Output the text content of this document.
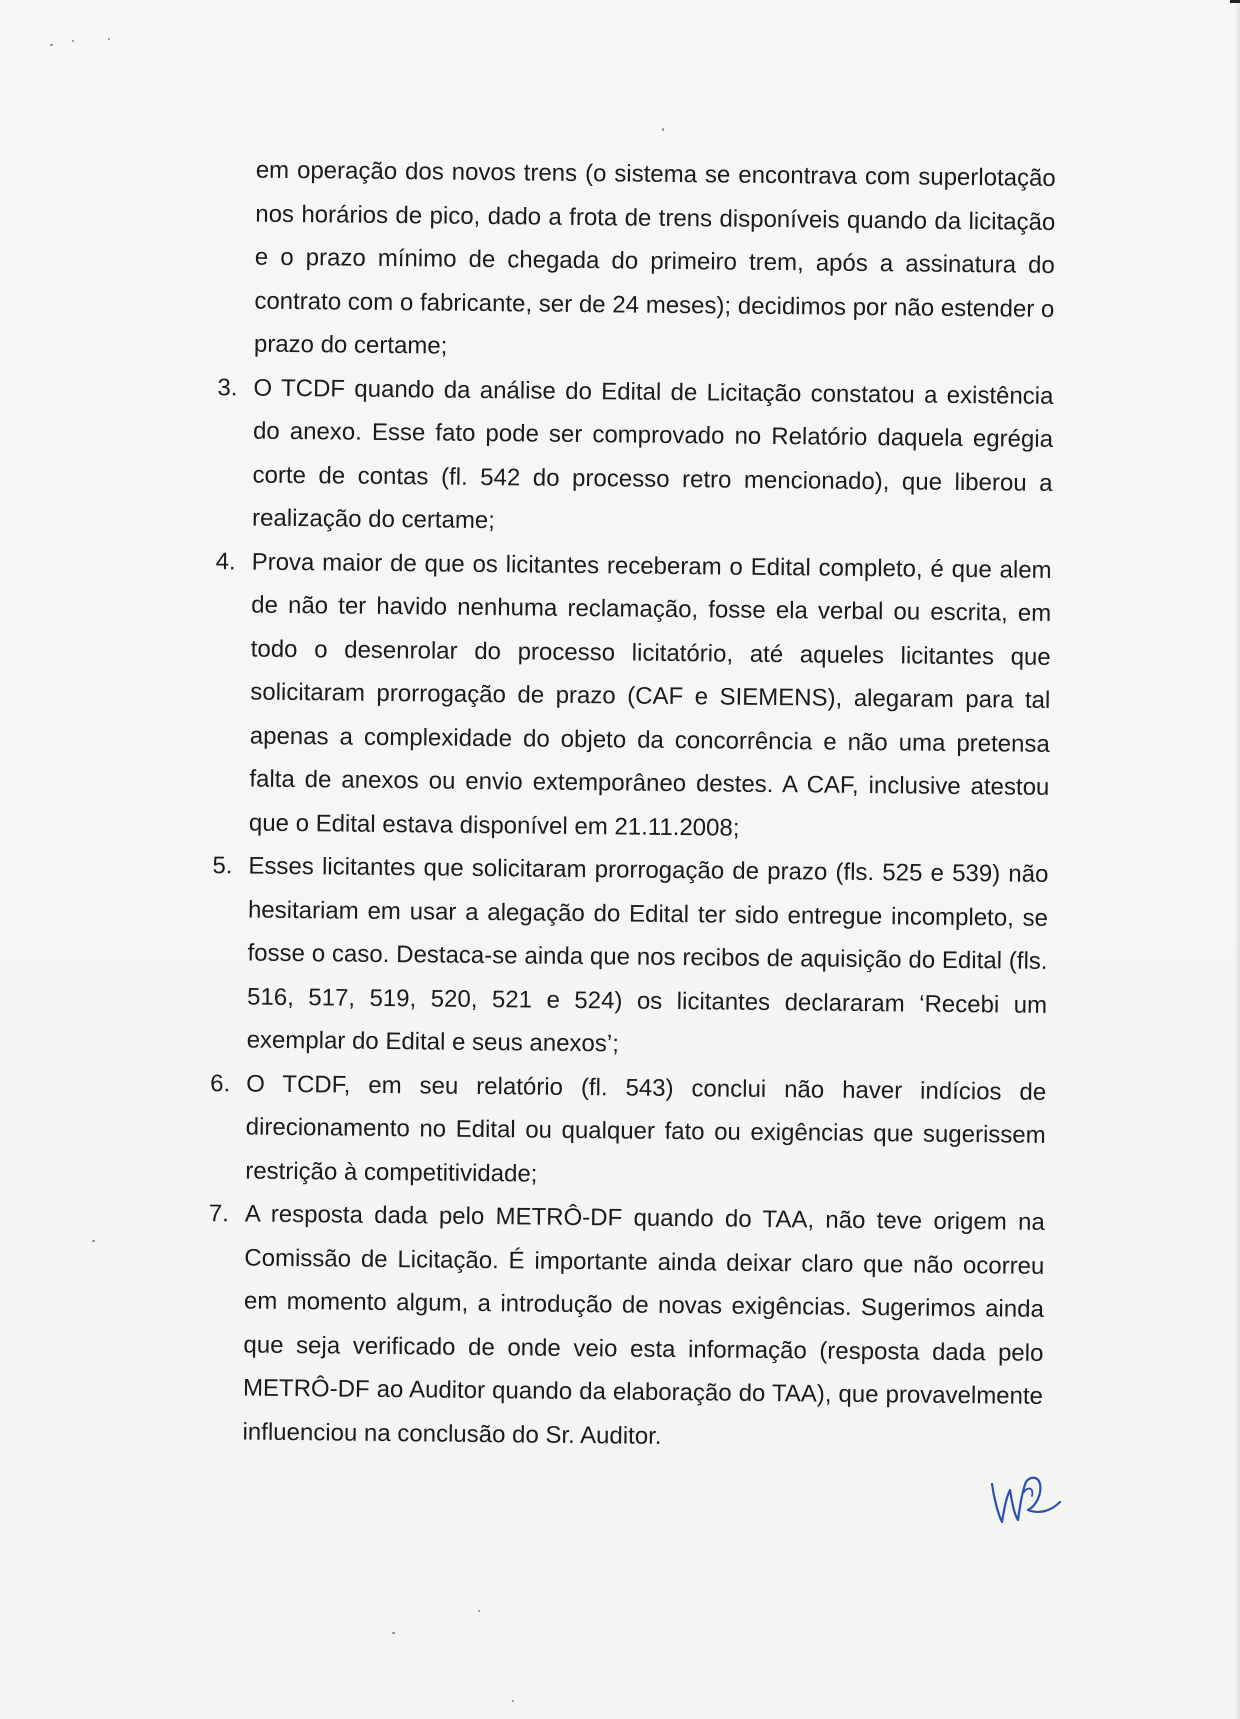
em operação dos novos trens (o sistema se encontrava com superlotação nos horários de pico, dado a frota de trens disponíveis quando da licitação e o prazo mínimo de chegada do primeiro trem, após a assinatura do contrato com o fabricante, ser de 24 meses); decidimos por não estender o prazo do certame;

3. O TCDF quando da análise do Edital de Licitação constatou a existência do anexo. Esse fato pode ser comprovado no Relatório daquela egrégia corte de contas (fl. 542 do processo retro mencionado), que liberou a realização do certame;

4. Prova maior de que os licitantes receberam o Edital completo, é que alem de não ter havido nenhuma reclamação, fosse ela verbal ou escrita, em todo o desenrolar do processo licitatório, até aqueles licitantes que solicitaram prorrogação de prazo (CAF e SIEMENS), alegaram para tal apenas a complexidade do objeto da concorrência e não uma pretensa falta de anexos ou envio extemporâneo destes. A CAF, inclusive atestou que o Edital estava disponível em 21.11.2008;

5. Esses licitantes que solicitaram prorrogação de prazo (fls. 525 e 539) não hesitariam em usar a alegação do Edital ter sido entregue incompleto, se fosse o caso. Destaca-se ainda que nos recibos de aquisição do Edital (fls. 516, 517, 519, 520, 521 e 524) os licitantes declararam ‘Recebi um exemplar do Edital e seus anexos’;

6. O TCDF, em seu relatório (fl. 543) conclui não haver indícios de direcionamento no Edital ou qualquer fato ou exigências que sugerissem restrição à competitividade;

7. A resposta dada pelo METRÔ-DF quando do TAA, não teve origem na Comissão de Licitação. É importante ainda deixar claro que não ocorreu em momento algum, a introdução de novas exigências. Sugerimos ainda que seja verificado de onde veio esta informação (resposta dada pelo METRÔ-DF ao Auditor quando da elaboração do TAA), que provavelmente influenciou na conclusão do Sr. Auditor.
